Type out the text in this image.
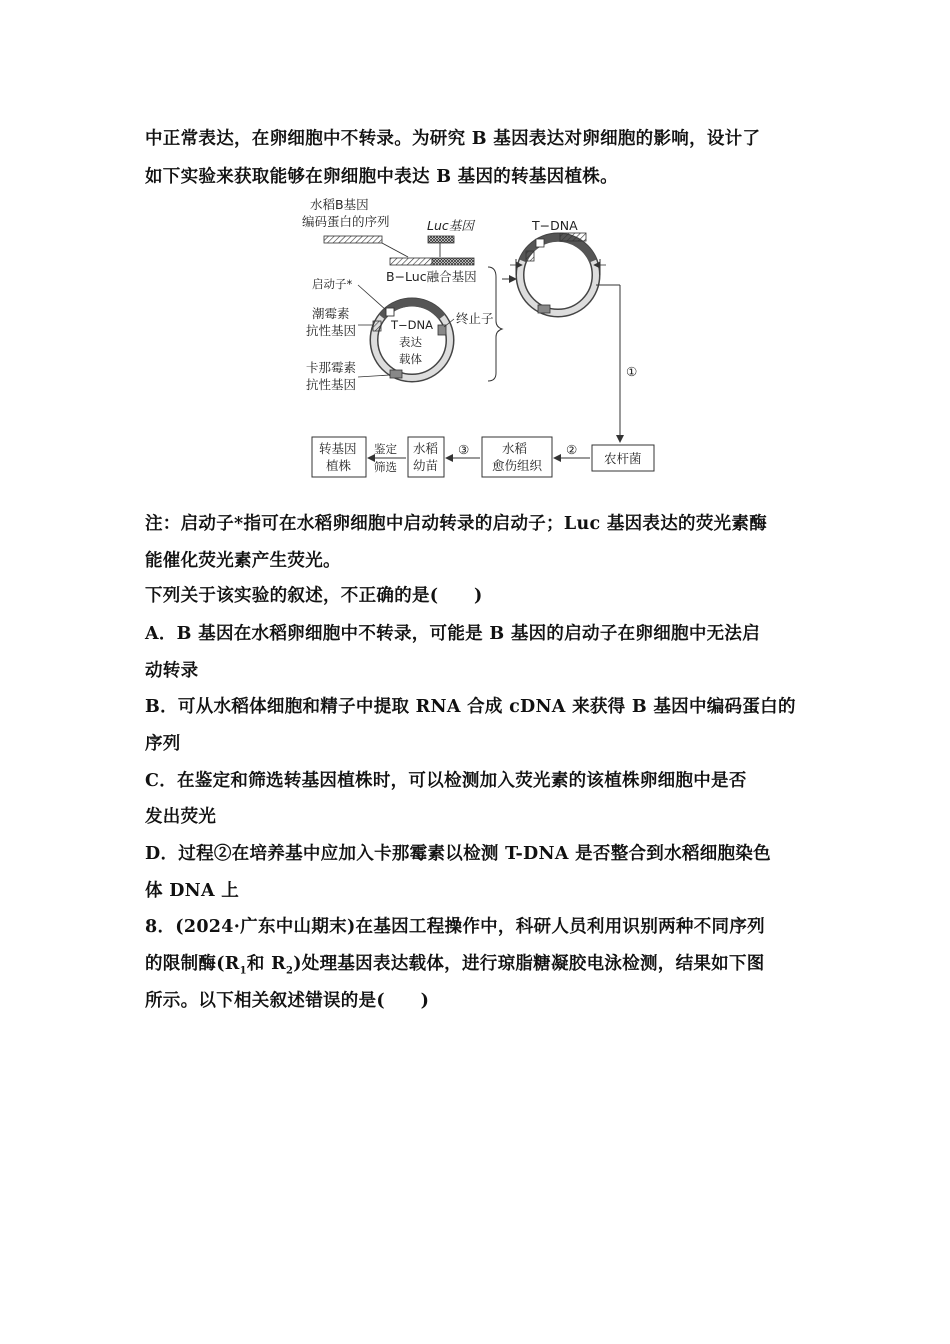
中正常表达，在卵细胞中不转录。为研究 B 基因表达对卵细胞的影响，设计了
如下实验来获取能够在卵细胞中表达 B 基因的转基因植株。
水稻B基因
编码蛋白的序列	Luc基因
B−Luc融合基因
启动子*
潮霉素
抗性基因	T−DNA
表达
载体
终止子
卡那霉素
抗性基因
T−DNA
①
农杆菌
②
水稻
愈伤组织
③
水稻
幼苗
鉴定
筛选
转基因
植株
注：启动子*指可在水稻卵细胞中启动转录的启动子；Luc 基因表达的荧光素酶
能催化荧光素产生荧光。
下列关于该实验的叙述，不正确的是(　　)
A．B 基因在水稻卵细胞中不转录，可能是 B 基因的启动子在卵细胞中无法启
动转录
B．可从水稻体细胞和精子中提取 RNA 合成 cDNA 来获得 B 基因中编码蛋白的
序列
C．在鉴定和筛选转基因植株时，可以检测加入荧光素的该植株卵细胞中是否
发出荧光
D．过程②在培养基中应加入卡那霉素以检测 T-DNA 是否整合到水稻细胞染色
体 DNA 上
8．(2024·广东中山期末)在基因工程操作中，科研人员利用识别两种不同序列
的限制酶($R_1$和 $R_2$)处理基因表达载体，进行琼脂糖凝胶电泳检测，结果如下图
所示。以下相关叙述错误的是(　　)
